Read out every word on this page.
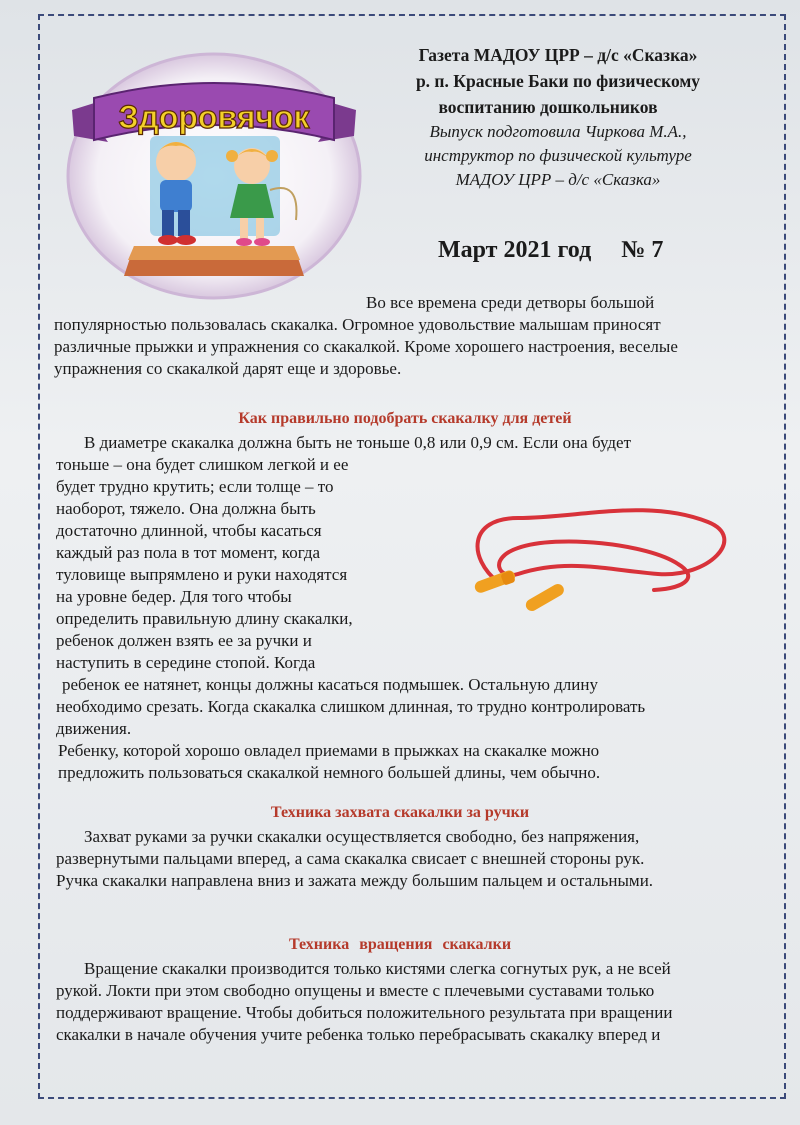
Здоровячок
Газета МАДОУ ЦРР – д/с «Сказка»
р. п. Красные Баки по физическому
воспитанию дошкольников
Выпуск подготовила Чиркова М.А.,
инструктор по физической культуре
МАДОУ ЦРР – д/с «Сказка»
Март 2021 год № 7
Во все времена среди детворы большой
популярностью пользовалась скакалка. Огромное удовольствие малышам приносят
различные прыжки и упражнения со скакалкой. Кроме хорошего настроения, веселые
упражнения со скакалкой дарят еще и здоровье.
Как правильно подобрать скакалку для детей
В диаметре скакалка должна быть не тоньше 0,8 или 0,9 см. Если она будет
тоньше – она будет слишком легкой и ее
будет трудно крутить; если толще – то
наоборот, тяжело. Она должна быть
достаточно длинной, чтобы касаться
каждый раз пола в тот момент, когда
туловище выпрямлено и руки находятся
на уровне бедер. Для того чтобы
определить правильную длину скакалки,
ребенок должен взять ее за ручки и
наступить в середине стопой. Когда
ребенок ее натянет, концы должны касаться подмышек. Остальную длину
необходимо срезать. Когда скакалка слишком длинная, то трудно контролировать
движения.
Ребенку, которой хорошо овладел приемами в прыжках на скакалке можно
предложить пользоваться скакалкой немного большей длины, чем обычно.
Техника захвата скакалки за ручки
Захват руками за ручки скакалки осуществляется свободно, без напряжения,
развернутыми пальцами вперед, а сама скакалка свисает с внешней стороны рук.
Ручка скакалки направлена вниз и зажата между большим пальцем и остальными.
Техника вращения скакалки
Вращение скакалки производится только кистями слегка согнутых рук, а не всей
рукой. Локти при этом свободно опущены и вместе с плечевыми суставами только
поддерживают вращение. Чтобы добиться положительного результата при вращении
скакалки в начале обучения учите ребенка только перебрасывать скакалку вперед и
